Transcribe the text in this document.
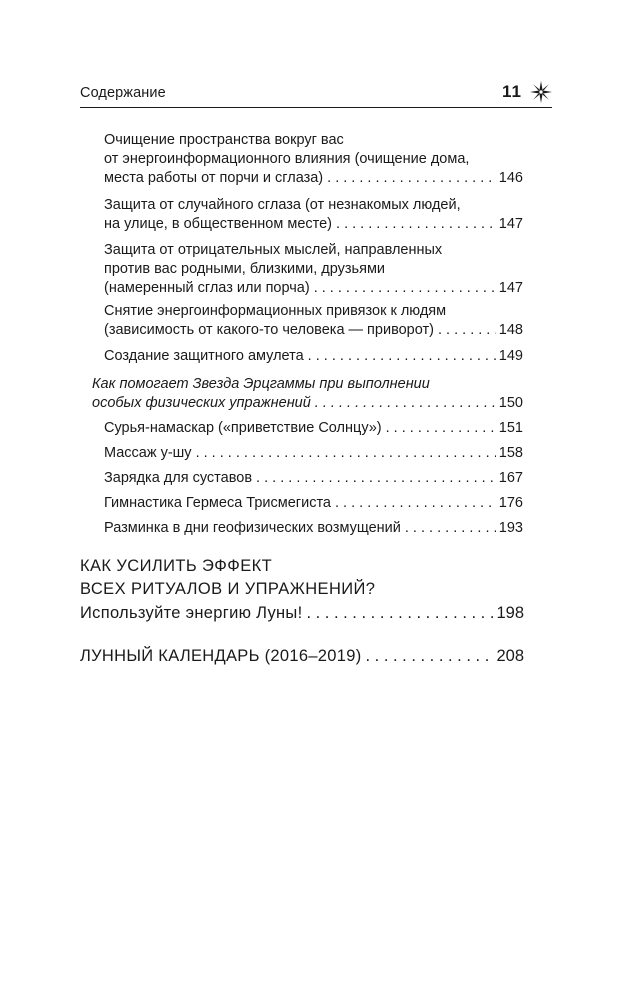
Содержание	11
Очищение пространства вокруг вас
от энергоинформационного влияния (очищение дома,
места работы от порчи и сглаза) . . .	146
Защита от случайного сглаза (от незнакомых людей,
на улице, в общественном месте) . . .	147
Защита от отрицательных мыслей, направленных
против вас родными, близкими, друзьями
(намеренный сглаз или порча) . . .	147
Снятие энергоинформационных привязок к людям
(зависимость от какого-то человека — приворот) . . .	148
Создание защитного амулета . . .	149
Как помогает Звезда Эрцгаммы при выполнении
особых физических упражнений . . .	150
Сурья-намаскар («приветствие Солнцу») . . .	151
Массаж у-шу . . .	158
Зарядка для суставов . . .	167
Гимнастика Гермеса Трисмегиста . . .	176
Разминка в дни геофизических возмущений . . .	193
КАК УСИЛИТЬ ЭФФЕКТ
ВСЕХ РИТУАЛОВ И УПРАЖНЕНИЙ?
Используйте энергию Луны! . . .	198
ЛУННЫЙ КАЛЕНДАРЬ (2016–2019) . . .	208
